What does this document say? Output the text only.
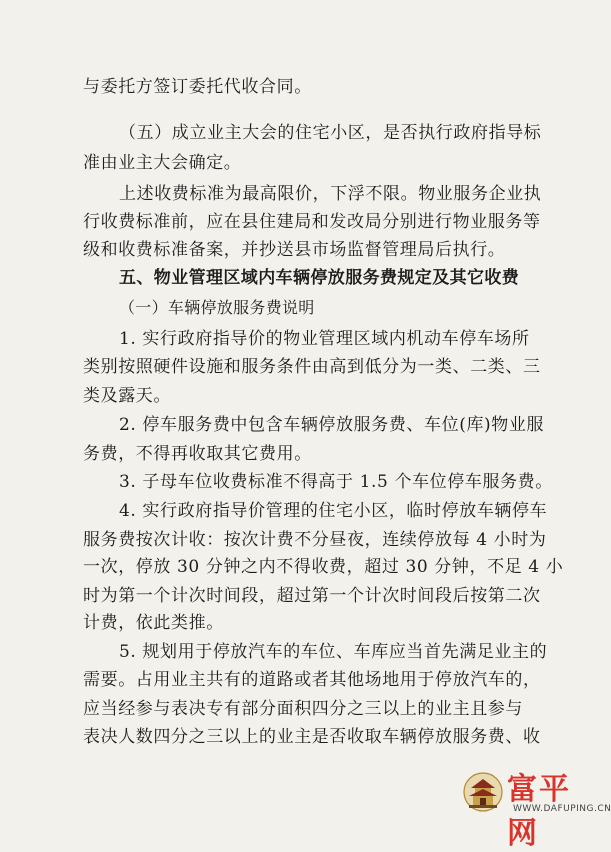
与委托方签订委托代收合同。
（五）成立业主大会的住宅小区，是否执行政府指导标
准由业主大会确定。
上述收费标准为最高限价，下浮不限。物业服务企业执
行收费标准前，应在县住建局和发改局分别进行物业服务等
级和收费标准备案，并抄送县市场监督管理局后执行。
五、物业管理区域内车辆停放服务费规定及其它收费
（一）车辆停放服务费说明
1. 实行政府指导价的物业管理区域内机动车停车场所
类别按照硬件设施和服务条件由高到低分为一类、二类、三
类及露天。
2. 停车服务费中包含车辆停放服务费、车位(库)物业服
务费，不得再收取其它费用。
3. 子母车位收费标准不得高于 1.5 个车位停车服务费。
4. 实行政府指导价管理的住宅小区，临时停放车辆停车
服务费按次计收：按次计费不分昼夜，连续停放每 4 小时为
一次，停放 30 分钟之内不得收费，超过 30 分钟，不足 4 小
时为第一个计次时间段，超过第一个计次时间段后按第二次
计费，依此类推。
5. 规划用于停放汽车的车位、车库应当首先满足业主的
需要。占用业主共有的道路或者其他场地用于停放汽车的，
应当经参与表决专有部分面积四分之三以上的业主且参与
表决人数四分之三以上的业主是否收取车辆停放服务费、收
富平网
WWW.DAFUPING.CN
